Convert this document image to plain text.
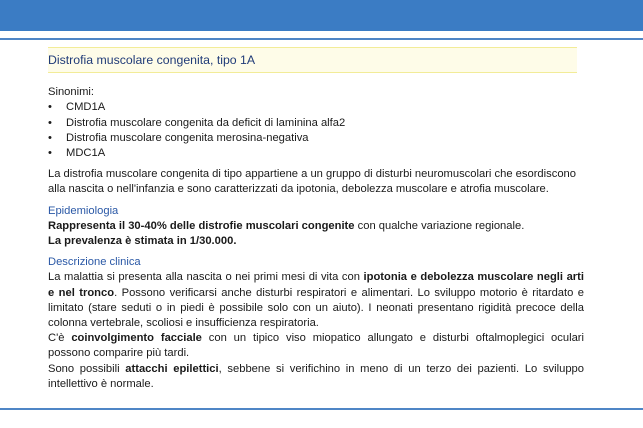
Distrofia muscolare congenita, tipo 1A

Sinonimi:

• CMD1A
• Distrofia muscolare congenita da deficit di laminina alfa2
• Distrofia muscolare congenita merosina-negativa
• MDC1A

La distrofia muscolare congenita di tipo appartiene a un gruppo di disturbi neuromuscolari che esordiscono alla nascita o nell'infanzia e sono caratterizzati da ipotonia, debolezza muscolare e atrofia muscolare.

Epidemiologia

Rappresenta il 30-40% delle distrofie muscolari congenite con qualche variazione regionale.

La prevalenza è stimata in 1/30.000.

Descrizione clinica

La malattia si presenta alla nascita o nei primi mesi di vita con ipotonia e debolezza muscolare negli arti e nel tronco. Possono verificarsi anche disturbi respiratori e alimentari. Lo sviluppo motorio è ritardato e limitato (stare seduti o in piedi è possibile solo con un aiuto). I neonati presentano rigidità precoce della colonna vertebrale, scoliosi e insufficienza respiratoria.

C'è coinvolgimento facciale con un tipico viso miopatico allungato e disturbi oftalmoplegici oculari possono comparire più tardi.

Sono possibili attacchi epilettici, sebbene si verifichino in meno di un terzo dei pazienti. Lo sviluppo intellettivo è normale.
